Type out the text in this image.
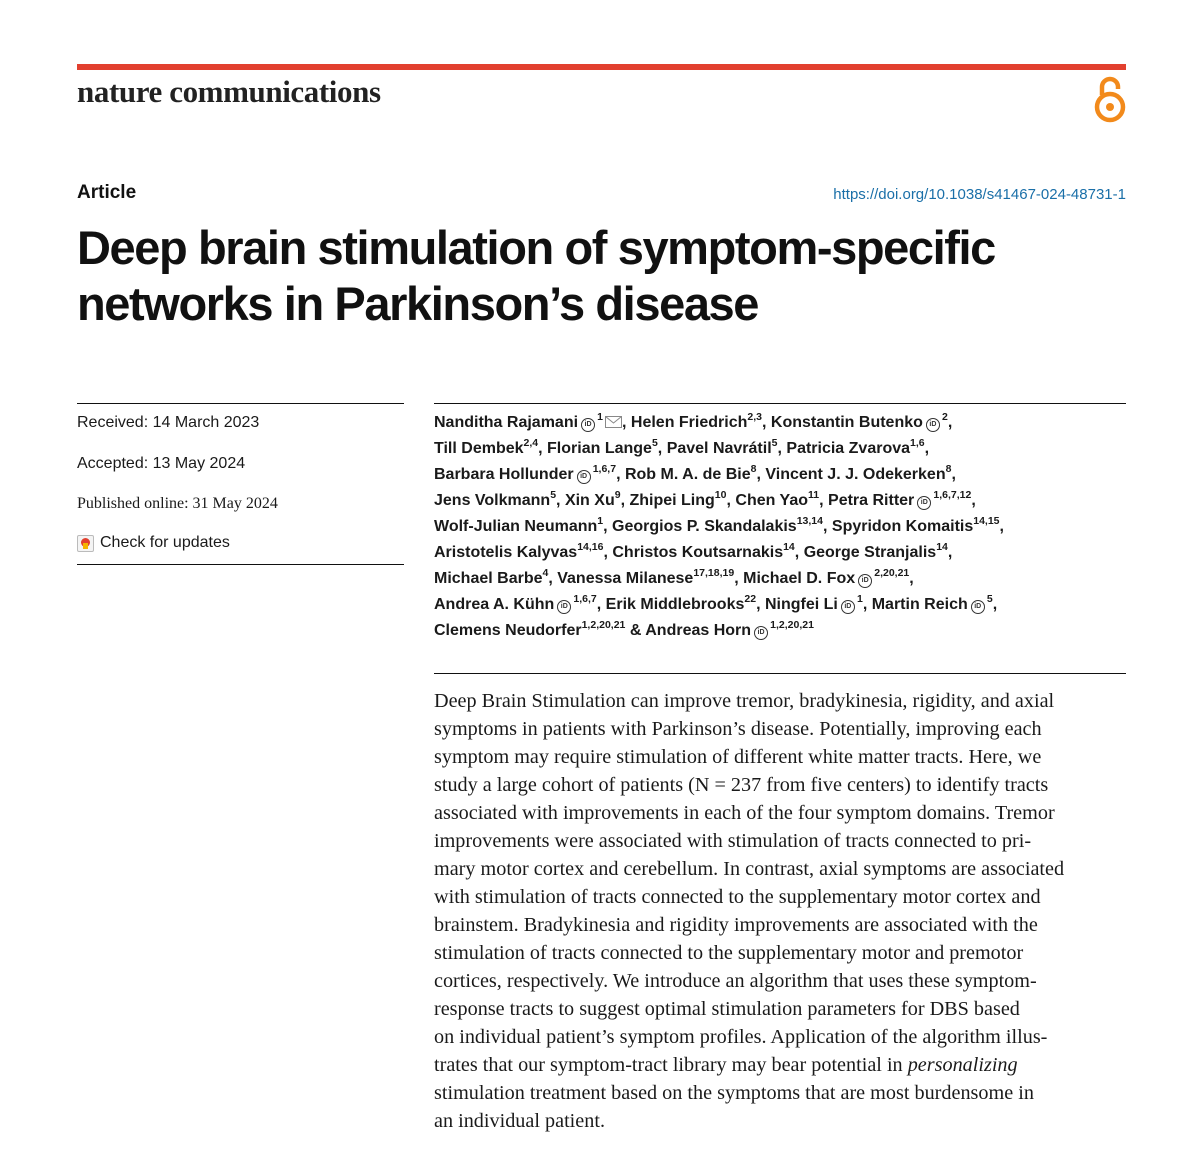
nature communications
Article	https://doi.org/10.1038/s41467-024-48731-1
Deep brain stimulation of symptom-specific
networks in Parkinson’s disease
Received: 14 March 2023
Accepted: 13 May 2024
Published online: 31 May 2024
Check for updates
Nanditha Rajamani iD $^1$ , Helen Friedrich$^{2,3}$, Konstantin Butenko iD $^2$,
Till Dembek$^{2,4}$, Florian Lange$^5$, Pavel Navrátil$^5$, Patricia Zvarova$^{1,6}$,
Barbara Hollunder iD $^{1,6,7}$, Rob M. A. de Bie$^8$, Vincent J. J. Odekerken$^8$,
Jens Volkmann$^5$, Xin Xu$^9$, Zhipei Ling$^{10}$, Chen Yao$^{11}$, Petra Ritter iD $^{1,6,7,12}$,
Wolf-Julian Neumann$^1$, Georgios P. Skandalakis$^{13,14}$, Spyridon Komaitis$^{14,15}$,
Aristotelis Kalyvas$^{14,16}$, Christos Koutsarnakis$^{14}$, George Stranjalis$^{14}$,
Michael Barbe$^4$, Vanessa Milanese$^{17,18,19}$, Michael D. Fox iD $^{2,20,21}$,
Andrea A. Kühn iD $^{1,6,7}$, Erik Middlebrooks$^{22}$, Ningfei Li iD $^1$, Martin Reich iD $^5$,
Clemens Neudorfer$^{1,2,20,21}$ & Andreas Horn iD $^{1,2,20,21}$

Deep Brain Stimulation can improve tremor, bradykinesia, rigidity, and axial
symptoms in patients with Parkinson’s disease. Potentially, improving each
symptom may require stimulation of different white matter tracts. Here, we
study a large cohort of patients (N = 237 from five centers) to identify tracts
associated with improvements in each of the four symptom domains. Tremor
improvements were associated with stimulation of tracts connected to pri-
mary motor cortex and cerebellum. In contrast, axial symptoms are associated
with stimulation of tracts connected to the supplementary motor cortex and
brainstem. Bradykinesia and rigidity improvements are associated with the
stimulation of tracts connected to the supplementary motor and premotor
cortices, respectively. We introduce an algorithm that uses these symptom-
response tracts to suggest optimal stimulation parameters for DBS based
on individual patient’s symptom profiles. Application of the algorithm illus-
trates that our symptom-tract library may bear potential in personalizing
stimulation treatment based on the symptoms that are most burdensome in
an individual patient.
